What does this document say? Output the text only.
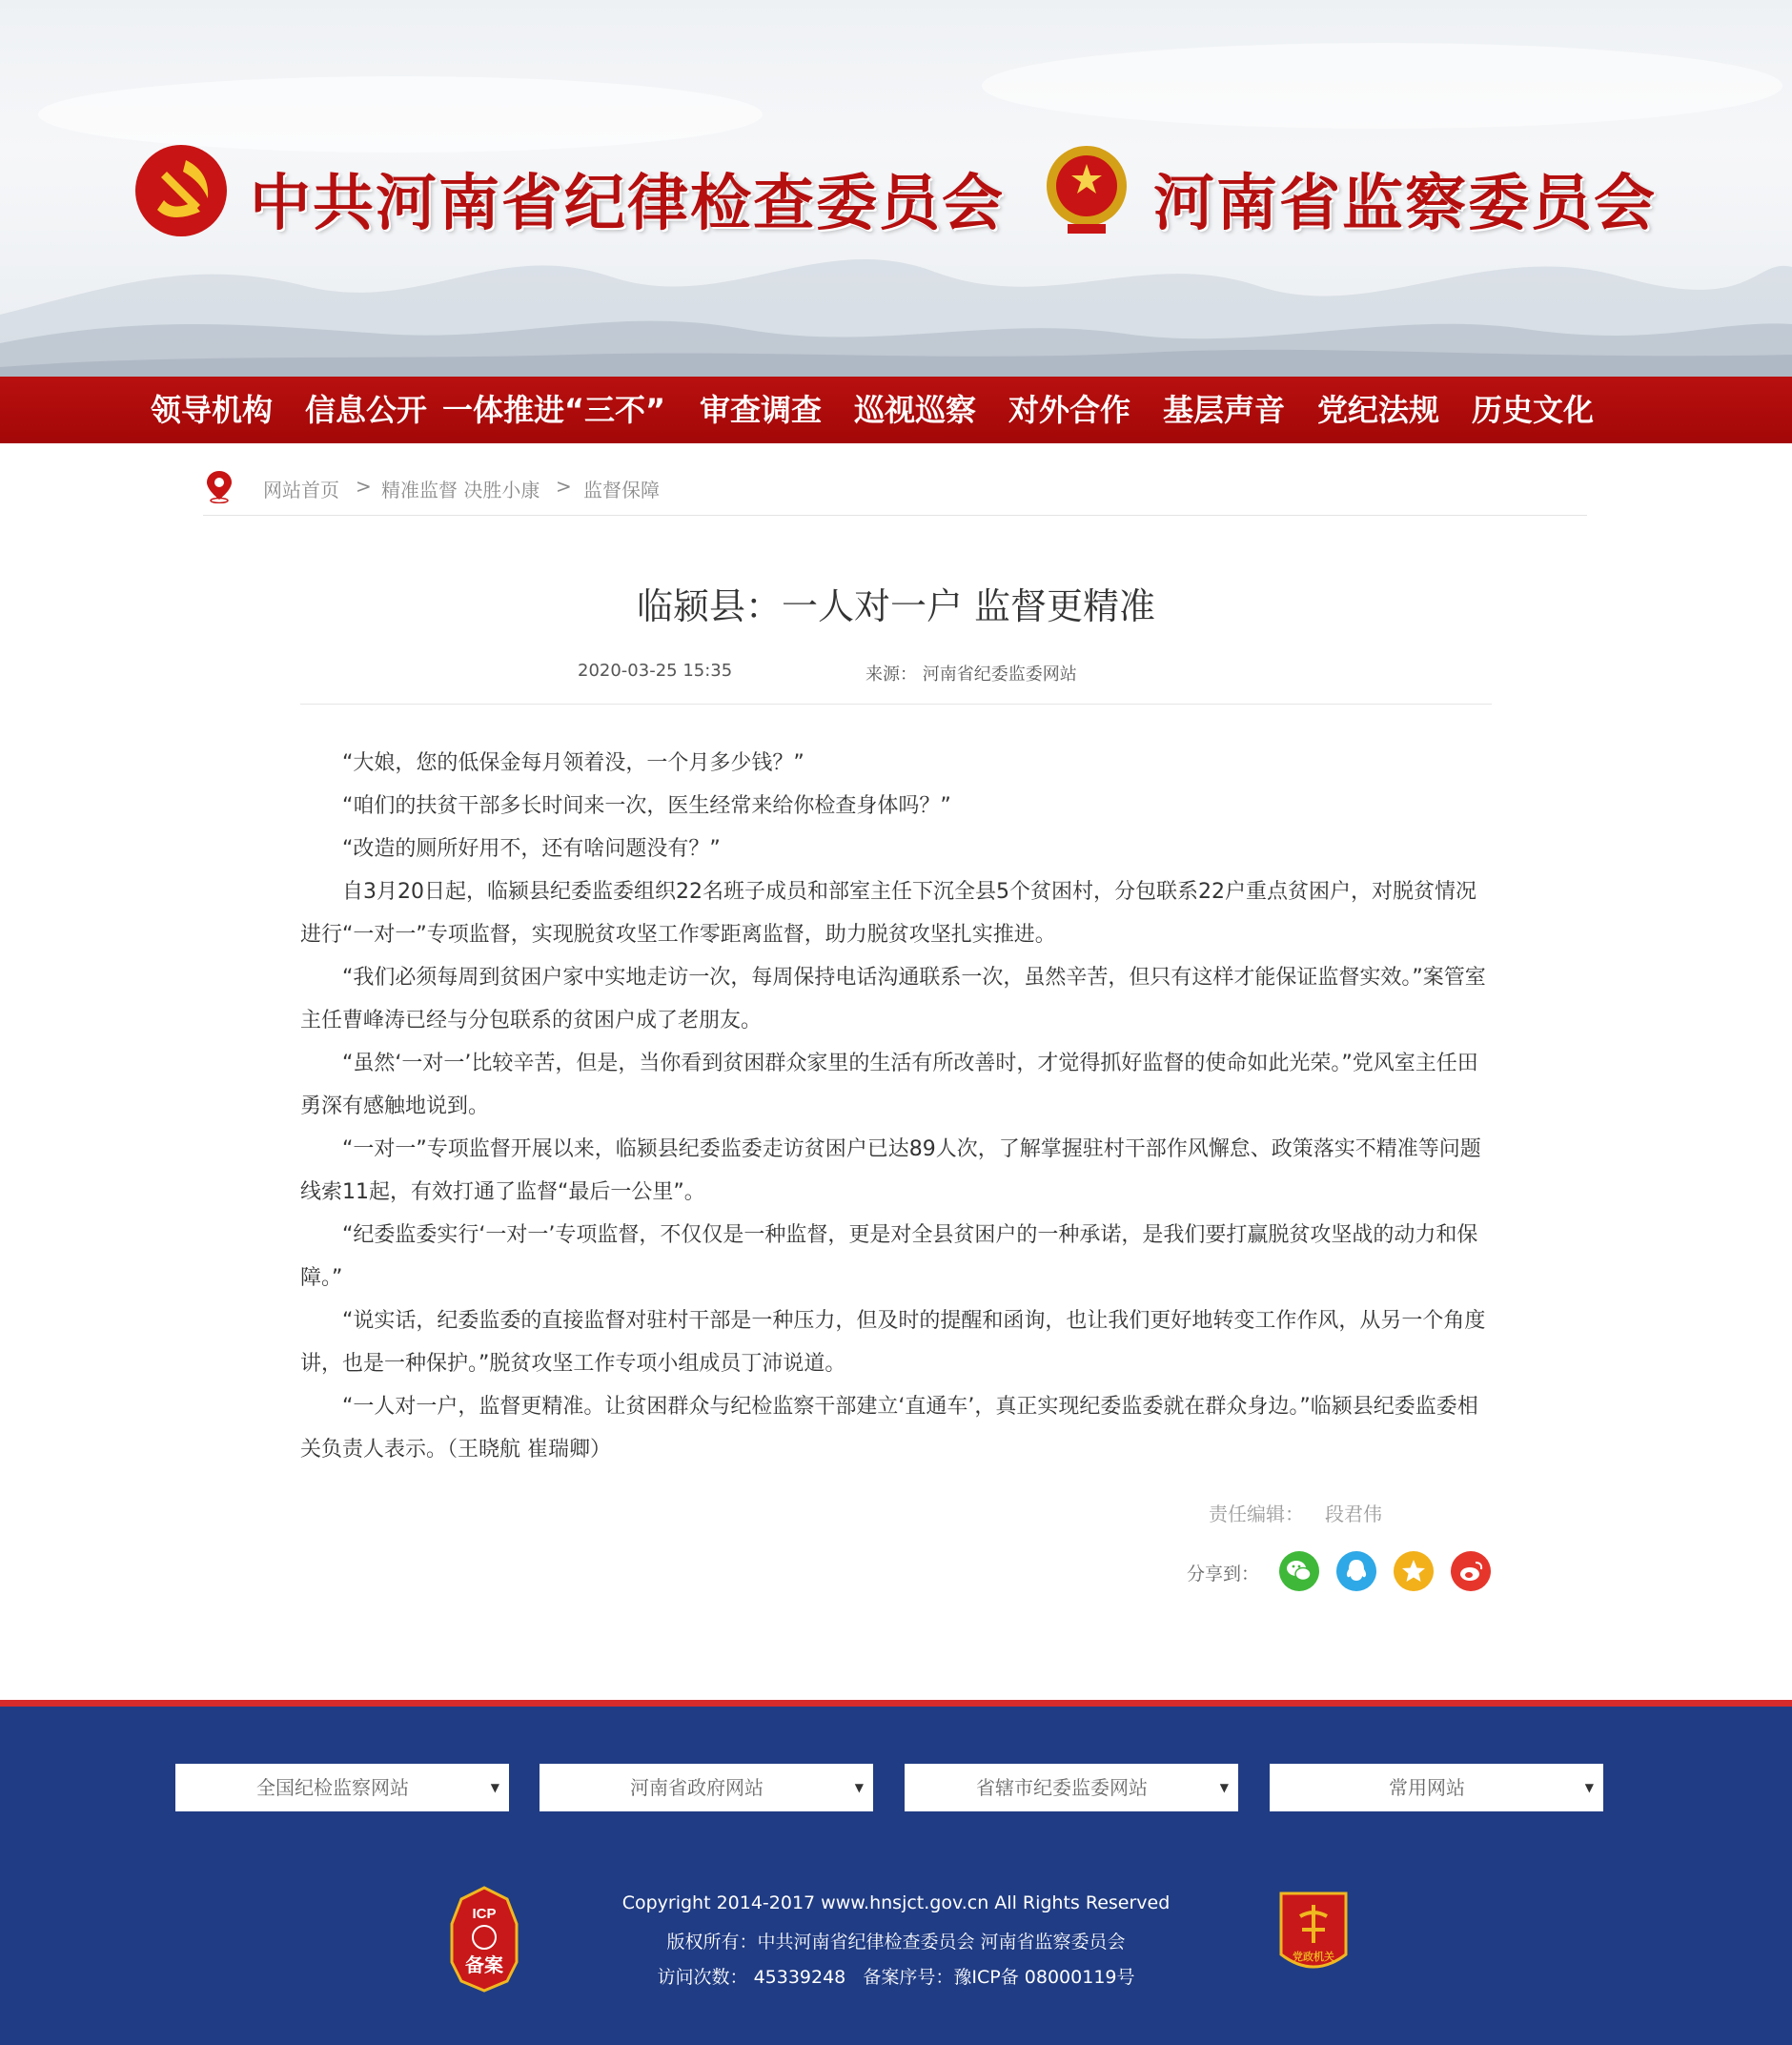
中共河南省纪律检查委员会 河南省监察委员会
领导机构 信息公开 一体推进“三不” 审查调查 巡视巡察 对外合作 基层声音 党纪法规 历史文化
网站首页 > 精准监督 决胜小康 > 监督保障
临颍县：一人对一户 监督更精准
2020-03-25 15:35	来源： 河南省纪委监委网站

“大娘，您的低保金每月领着没，一个月多少钱？”

“咱们的扶贫干部多长时间来一次，医生经常来给你检查身体吗？”

“改造的厕所好用不，还有啥问题没有？”

自3月20日起，临颍县纪委监委组织22名班子成员和部室主任下沉全县5个贫困村，分包联系22户重点贫困户，对脱贫情况进行“一对一”专项监督，实现脱贫攻坚工作零距离监督，助力脱贫攻坚扎实推进。

“我们必须每周到贫困户家中实地走访一次，每周保持电话沟通联系一次，虽然辛苦，但只有这样才能保证监督实效。”案管室主任曹峰涛已经与分包联系的贫困户成了老朋友。

“虽然‘一对一’比较辛苦，但是，当你看到贫困群众家里的生活有所改善时，才觉得抓好监督的使命如此光荣。”党风室主任田勇深有感触地说到。

“一对一”专项监督开展以来，临颍县纪委监委走访贫困户已达89人次，了解掌握驻村干部作风懈怠、政策落实不精准等问题线索11起，有效打通了监督“最后一公里”。

“纪委监委实行‘一对一’专项监督，不仅仅是一种监督，更是对全县贫困户的一种承诺，是我们要打赢脱贫攻坚战的动力和保障。”

“说实话，纪委监委的直接监督对驻村干部是一种压力，但及时的提醒和函询，也让我们更好地转变工作作风，从另一个角度讲，也是一种保护。”脱贫攻坚工作专项小组成员丁沛说道。

“一人对一户，监督更精准。让贫困群众与纪检监察干部建立‘直通车’，真正实现纪委监委就在群众身边。”临颍县纪委监委相关负责人表示。（王晓航 崔瑞卿）

责任编辑： 段君伟
分享到：
全国纪检监察网站	▼	河南省政府网站	▼	省辖市纪委监委网站	▼	常用网站	▼
ICP
备案
Copyright 2014-2017 www.hnsjct.gov.cn All Rights Reserved
版权所有：中共河南省纪律检查委员会 河南省监察委员会
访问次数： 45339248 备案序号：豫ICP备 08000119号
党政机关
